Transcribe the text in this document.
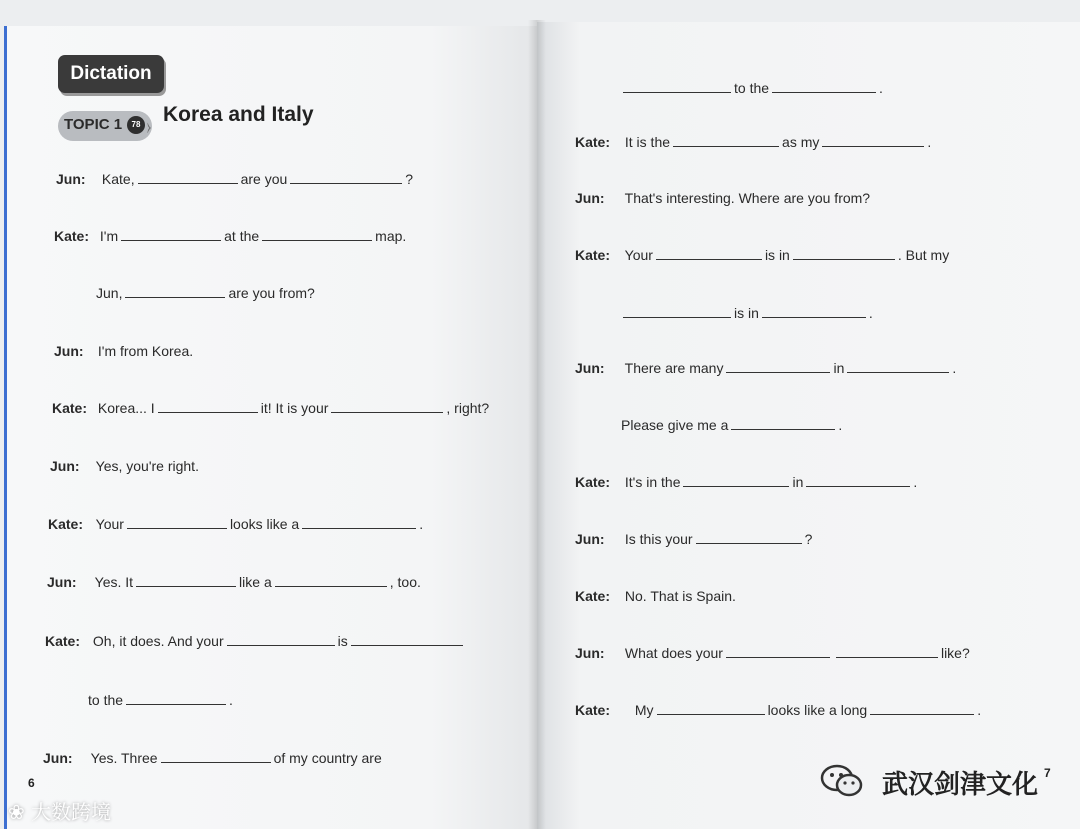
Dictation
TOPIC 1	78 ⧽
Korea and Italy
Jun: Kate,	are you	?
Kate: I'm	at the	map.
Jun,	are you from?
Jun: I'm from Korea.
Kate: Korea... I	it! It is your	, right?
Jun: Yes, you're right.
Kate: Your	looks like a	.
Jun: Yes. It	like a	, too.
Kate: Oh, it does. And your	is
to the	.
Jun: Yes. Three	of my country are
6
to the	.
Kate: It is the	as my	.
Jun: That's interesting. Where are you from?
Kate: Your	is in	. But my
is in	.
Jun: There are many	in	.
Please give me a	.
Kate: It's in the	in	.
Jun: Is this your	?
Kate: No. That is Spain.
Jun: What does your	like?
Kate: My	looks like a long	.
7
武汉剑津文化
❀ 大数跨境
